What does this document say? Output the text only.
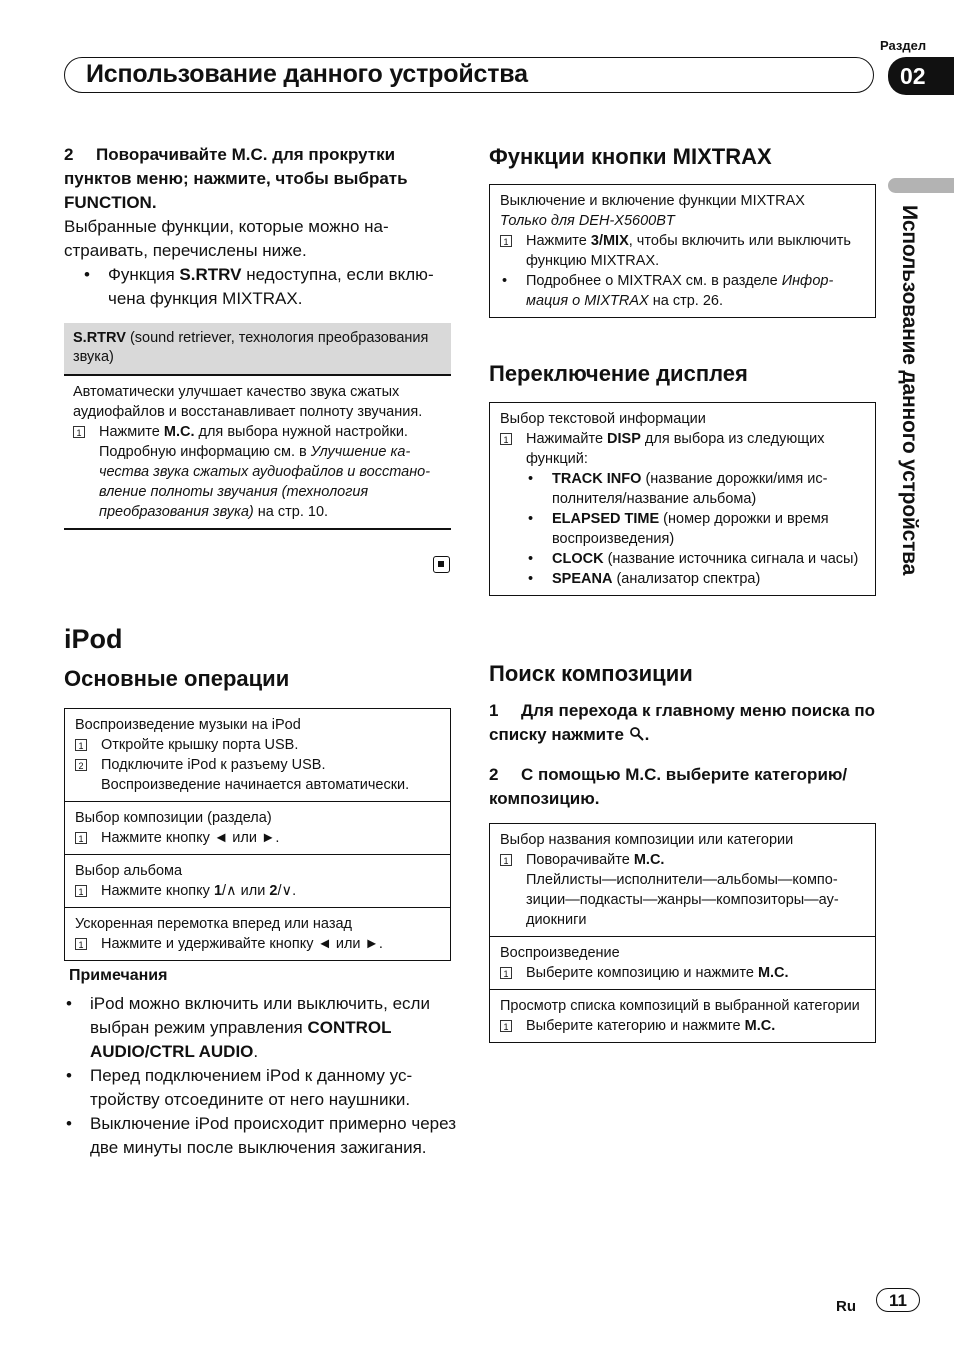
Раздел
Использование данного устройства	02
Использование данного устройства
2 Поворачивайте M.C. для прокрутки пунктов меню; нажмите, чтобы выбрать FUNCTION.
Выбранные функции, которые можно настраивать, перечислены ниже.
• Функция S.RTRV недоступна, если включена функция MIXTRAX.
S.RTRV (sound retriever, технология преобразования звука)
Автоматически улучшает качество звука сжатых аудиофайлов и восстанавливает полноту звучания.
1 Нажмите M.C. для выбора нужной настройки. Подробную информацию см. в Улучшение качества звука сжатых аудиофайлов и восстановление полноты звучания (технология преобразования звука) на стр. 10.
iPod
Основные операции
Воспроизведение музыки на iPod
1 Откройте крышку порта USB.
2 Подключите iPod к разъему USB. Воспроизведение начинается автоматически.
Выбор композиции (раздела)
1 Нажмите кнопку ◄ или ►.
Выбор альбома
1 Нажмите кнопку 1/∧ или 2/∨.
Ускоренная перемотка вперед или назад
1 Нажмите и удерживайте кнопку ◄ или ►.
Примечания
• iPod можно включить или выключить, если выбран режим управления CONTROL AUDIO/CTRL AUDIO.
• Перед подключением iPod к данному устройству отсоедините от него наушники.
• Выключение iPod происходит примерно через две минуты после выключения зажигания.
Функции кнопки MIXTRAX
Выключение и включение функции MIXTRAX
Только для DEH-X5600BT
1 Нажмите 3/MIX, чтобы включить или выключить функцию MIXTRAX.
• Подробнее о MIXTRAX см. в разделе Информация о MIXTRAX на стр. 26.
Переключение дисплея
Выбор текстовой информации
1 Нажимайте DISP для выбора из следующих функций:
• TRACK INFO (название дорожки/имя исполнителя/название альбома)
• ELAPSED TIME (номер дорожки и время воспроизведения)
• CLOCK (название источника сигнала и часы)
• SPEANA (анализатор спектра)
Поиск композиции
1 Для перехода к главному меню поиска по списку нажмите .
2 С помощью M.C. выберите категорию/композицию.
Выбор названия композиции или категории
1 Поворачивайте M.C.
Плейлисты—исполнители—альбомы—композиции—подкасты—жанры—композиторы—аудиокниги
Воспроизведение
1 Выберите композицию и нажмите M.C.
Просмотр списка композиций в выбранной категории
1 Выберите категорию и нажмите M.C.
Ru	11
